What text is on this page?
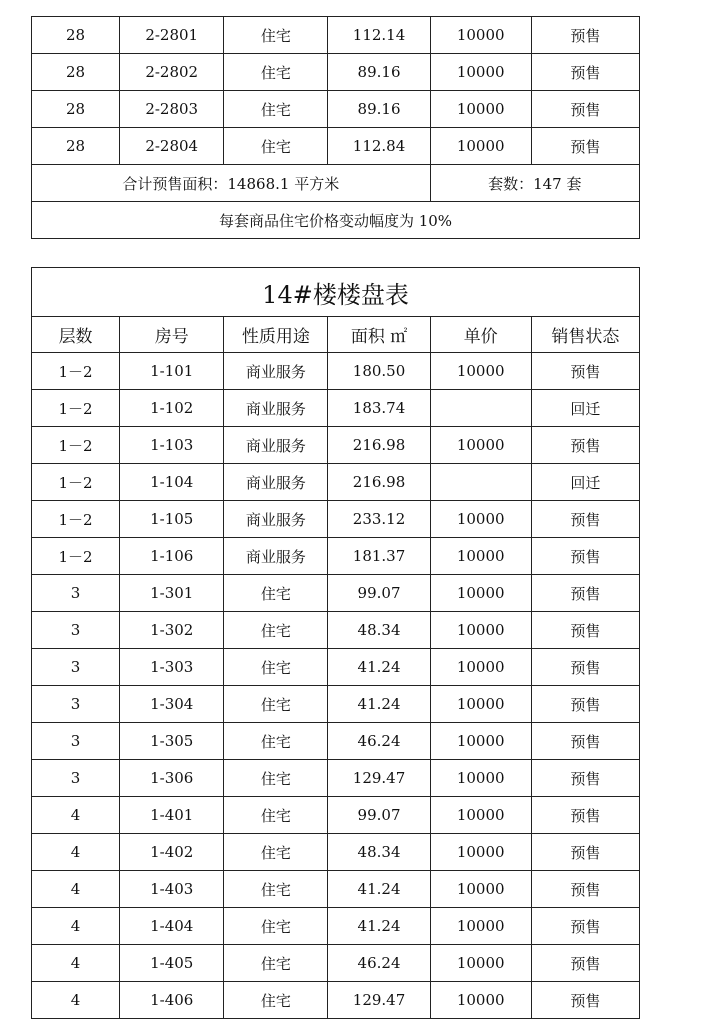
28	2-2801	住宅	112.14	10000	预售
28	2-2802	住宅	89.16	10000	预售
28	2-2803	住宅	89.16	10000	预售
28	2-2804	住宅	112.84	10000	预售
合计预售面积：14868.1 平方米				套数：147 套	
每套商品住宅价格变动幅度为 10%					
14#楼楼盘表					
层数	房号	性质用途	面积 ㎡	单价	销售状态
1－2	1-101	商业服务	180.50	10000	预售
1－2	1-102	商业服务	183.74		回迁
1－2	1-103	商业服务	216.98	10000	预售
1－2	1-104	商业服务	216.98		回迁
1－2	1-105	商业服务	233.12	10000	预售
1－2	1-106	商业服务	181.37	10000	预售
3	1-301	住宅	99.07	10000	预售
3	1-302	住宅	48.34	10000	预售
3	1-303	住宅	41.24	10000	预售
3	1-304	住宅	41.24	10000	预售
3	1-305	住宅	46.24	10000	预售
3	1-306	住宅	129.47	10000	预售
4	1-401	住宅	99.07	10000	预售
4	1-402	住宅	48.34	10000	预售
4	1-403	住宅	41.24	10000	预售
4	1-404	住宅	41.24	10000	预售
4	1-405	住宅	46.24	10000	预售
4	1-406	住宅	129.47	10000	预售
